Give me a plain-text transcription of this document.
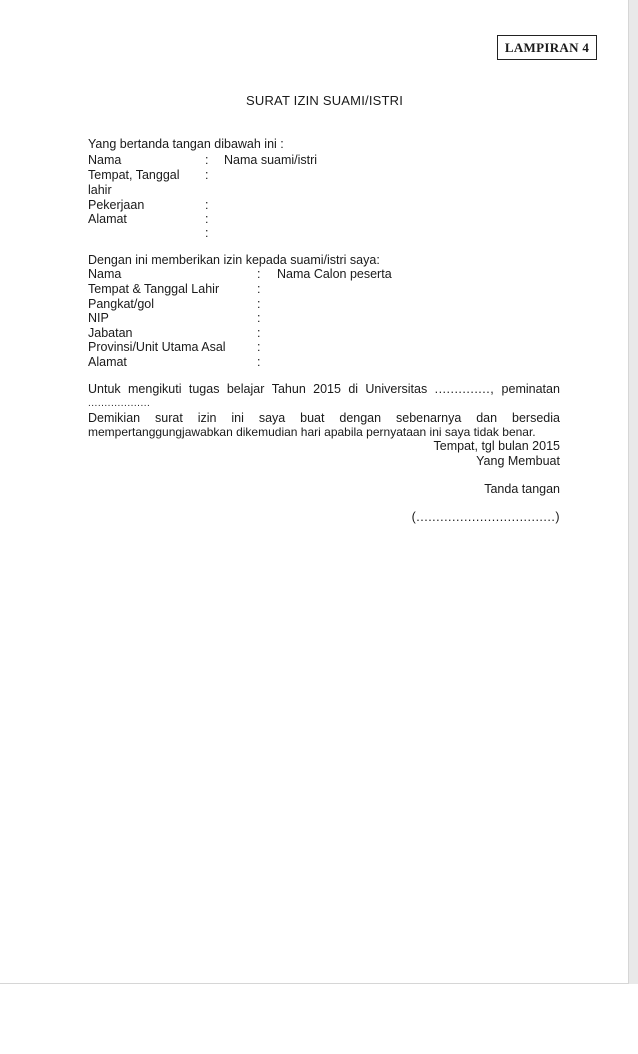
LAMPIRAN 4
SURAT IZIN SUAMI/ISTRI
Yang bertanda tangan dibawah ini :
Nama	: Nama suami/istri
Tempat, Tanggal :
lahir
Pekerjaan	:
Alamat	:
:
Dengan ini memberikan izin kepada suami/istri saya:
Nama	: Nama Calon peserta
Tempat & Tanggal Lahir	:
Pangkat/gol	:
NIP	:
Jabatan	:
Provinsi/Unit Utama Asal	:
Alamat	:
Untuk mengikuti tugas belajar Tahun 2015 di Universitas .............., peminatan
...................
Demikian surat izin ini saya buat dengan sebenarnya dan bersedia
mempertanggungjawabkan dikemudian hari apabila pernyataan ini saya tidak benar.
Tempat, tgl bulan 2015
Yang Membuat
Tanda tangan
(...................................)
